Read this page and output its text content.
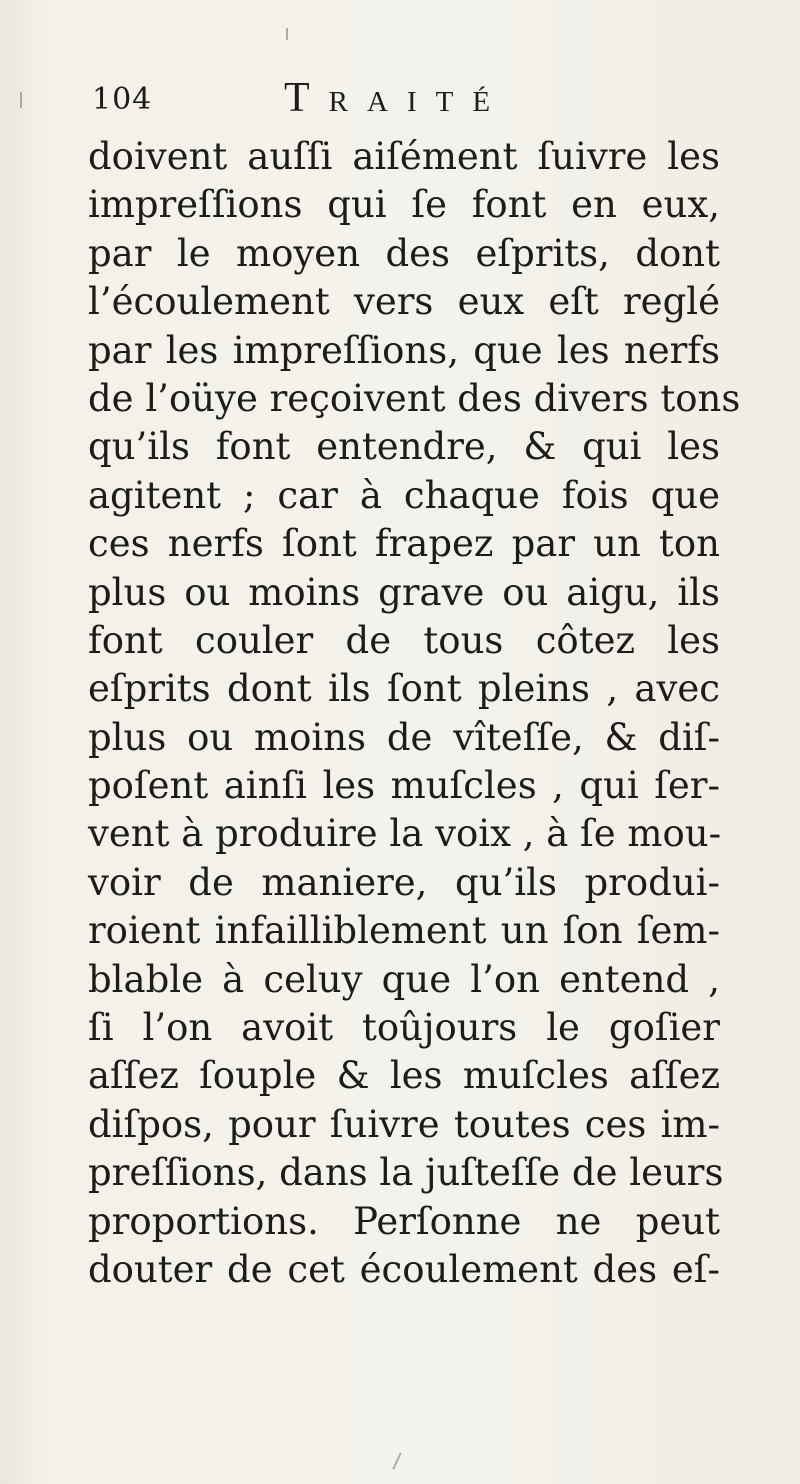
104	Traité
doivent auſſi aiſément ſuivre les
impreſſions qui ſe font en eux,
par le moyen des eſprits, dont
l’écoulement vers eux eſt reglé
par les impreſſions, que les nerfs
de l’oüye reçoivent des divers tons
qu’ils font entendre, & qui les
agitent ; car à chaque fois que
ces nerfs ſont frapez par un ton
plus ou moins grave ou aigu, ils
font couler de tous côtez les
eſprits dont ils ſont pleins , avec
plus ou moins de vîteſſe, & diſ-
poſent ainſi les muſcles , qui ſer-
vent à produire la voix , à ſe mou-
voir de maniere, qu’ils produi-
roient infailliblement un ſon ſem-
blable à celuy que l’on entend ,
ſi l’on avoit toûjours le goſier
aſſez ſouple & les muſcles aſſez
diſpos, pour ſuivre toutes ces im-
preſſions, dans la juſteſſe de leurs
proportions. Perſonne ne peut
douter de cet écoulement des eſ-
